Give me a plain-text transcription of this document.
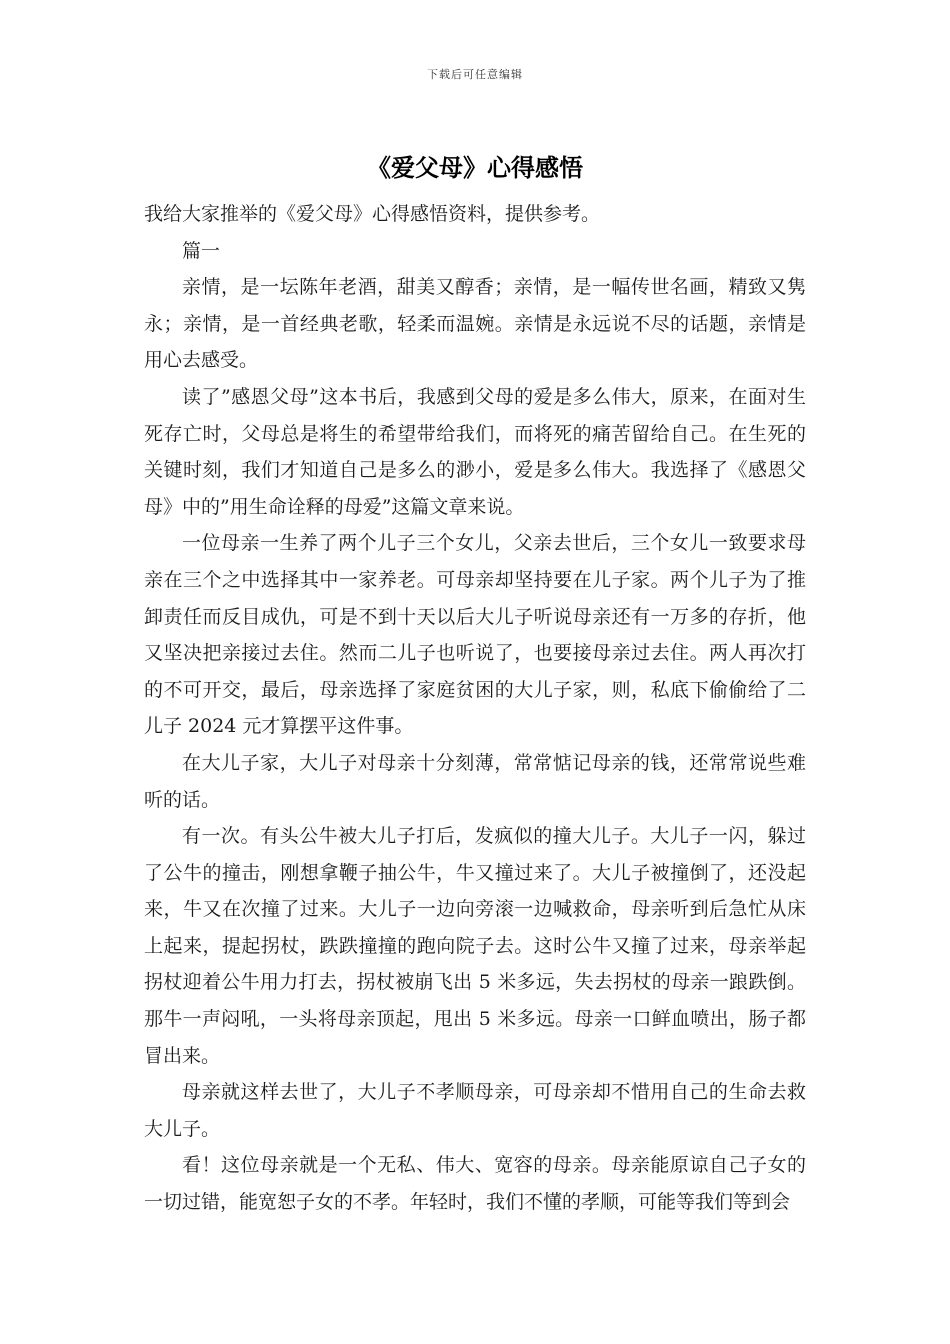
下载后可任意编辑
《爱父母》心得感悟

我给大家推举的《爱父母》心得感悟资料，提供参考。

篇一

亲情，是一坛陈年老酒，甜美又醇香；亲情，是一幅传世名画，精致又隽永；亲情，是一首经典老歌，轻柔而温婉。亲情是永远说不尽的话题，亲情是用心去感受。

读了”感恩父母”这本书后，我感到父母的爱是多么伟大，原来，在面对生死存亡时，父母总是将生的希望带给我们，而将死的痛苦留给自己。在生死的关键时刻，我们才知道自己是多么的渺小，爱是多么伟大。我选择了《感恩父母》中的”用生命诠释的母爱”这篇文章来说。

一位母亲一生养了两个儿子三个女儿，父亲去世后，三个女儿一致要求母亲在三个之中选择其中一家养老。可母亲却坚持要在儿子家。两个儿子为了推卸责任而反目成仇，可是不到十天以后大儿子听说母亲还有一万多的存折，他又坚决把亲接过去住。然而二儿子也听说了，也要接母亲过去住。两人再次打的不可开交，最后，母亲选择了家庭贫困的大儿子家，则，私底下偷偷给了二儿子 2024 元才算摆平这件事。

在大儿子家，大儿子对母亲十分刻薄，常常惦记母亲的钱，还常常说些难听的话。

有一次。有头公牛被大儿子打后，发疯似的撞大儿子。大儿子一闪，躲过了公牛的撞击，刚想拿鞭子抽公牛，牛又撞过来了。大儿子被撞倒了，还没起来，牛又在次撞了过来。大儿子一边向旁滚一边喊救命，母亲听到后急忙从床上起来，提起拐杖，跌跌撞撞的跑向院子去。这时公牛又撞了过来，母亲举起拐杖迎着公牛用力打去，拐杖被崩飞出 5 米多远，失去拐杖的母亲一踉跌倒。那牛一声闷吼，一头将母亲顶起，甩出 5 米多远。母亲一口鲜血喷出，肠子都冒出来。

母亲就这样去世了，大儿子不孝顺母亲，可母亲却不惜用自己的生命去救大儿子。

看！这位母亲就是一个无私、伟大、宽容的母亲。母亲能原谅自己子女的一切过错，能宽恕子女的不孝。年轻时，我们不懂的孝顺，可能等我们等到会
